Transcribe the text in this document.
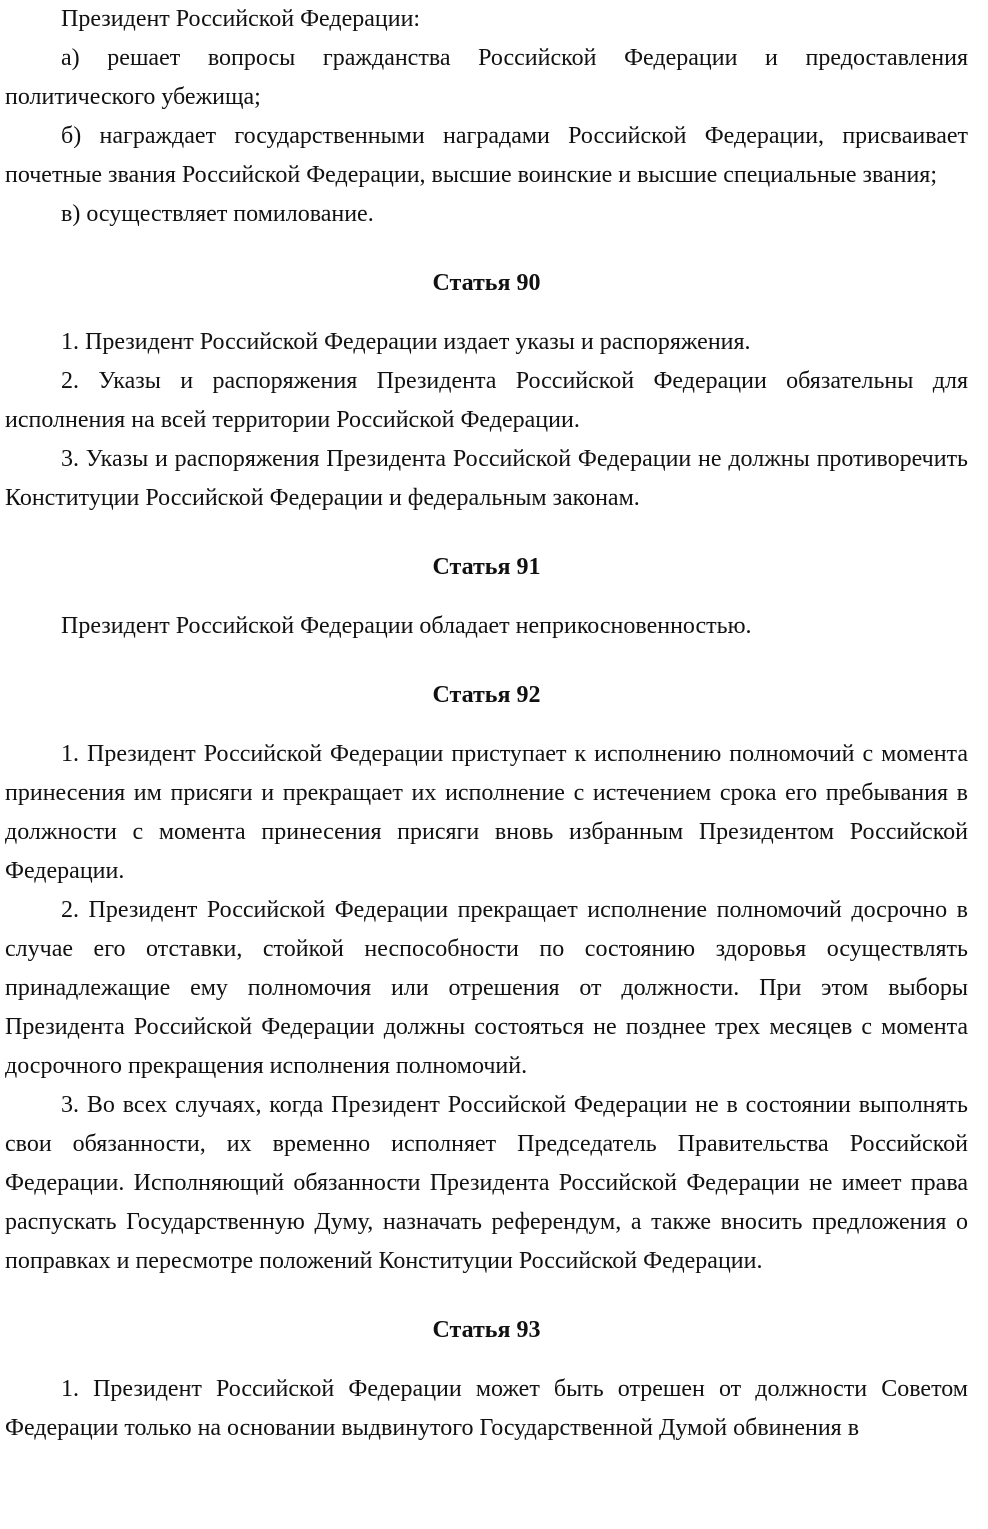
Президент Российской Федерации:

а) решает вопросы гражданства Российской Федерации и предоставления политического убежища;

б) награждает государственными наградами Российской Федерации, присваивает почетные звания Российской Федерации, высшие воинские и высшие специальные звания;

в) осуществляет помилование.

Статья 90

1. Президент Российской Федерации издает указы и распоряжения.

2. Указы и распоряжения Президента Российской Федерации обязательны для исполнения на всей территории Российской Федерации.

3. Указы и распоряжения Президента Российской Федерации не должны противоречить Конституции Российской Федерации и федеральным законам.

Статья 91

Президент Российской Федерации обладает неприкосновенностью.

Статья 92

1. Президент Российской Федерации приступает к исполнению полномочий с момента принесения им присяги и прекращает их исполнение с истечением срока его пребывания в должности с момента принесения присяги вновь избранным Президентом Российской Федерации.

2. Президент Российской Федерации прекращает исполнение полномочий досрочно в случае его отставки, стойкой неспособности по состоянию здоровья осуществлять принадлежащие ему полномочия или отрешения от должности. При этом выборы Президента Российской Федерации должны состояться не позднее трех месяцев с момента досрочного прекращения исполнения полномочий.

3. Во всех случаях, когда Президент Российской Федерации не в состоянии выполнять свои обязанности, их временно исполняет Председатель Правительства Российской Федерации. Исполняющий обязанности Президента Российской Федерации не имеет права распускать Государственную Думу, назначать референдум, а также вносить предложения о поправках и пересмотре положений Конституции Российской Федерации.

Статья 93

1. Президент Российской Федерации может быть отрешен от должности Советом Федерации только на основании выдвинутого Государственной Думой обвинения в
